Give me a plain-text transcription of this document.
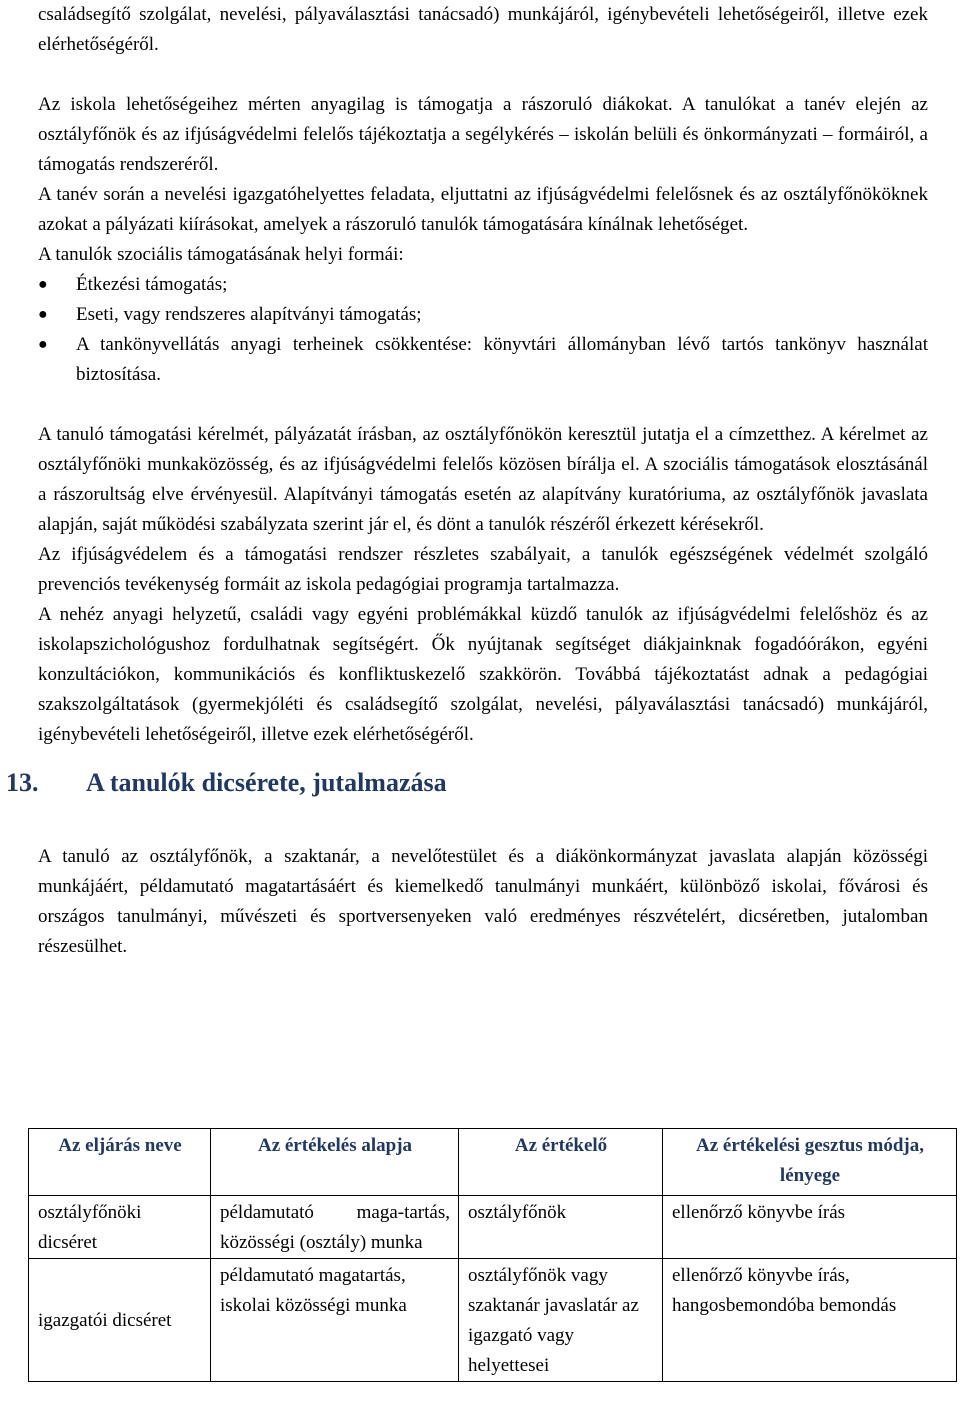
családsegítő szolgálat, nevelési, pályaválasztási tanácsadó) munkájáról, igénybevételi lehetőségeiről, illetve ezek elérhetőségéről.

Az iskola lehetőségeihez mérten anyagilag is támogatja a rászoruló diákokat. A tanulókat a tanév elején az osztályfőnök és az ifjúságvédelmi felelős tájékoztatja a segélykérés – iskolán belüli és önkormányzati – formáiról, a támogatás rendszeréről.

A tanév során a nevelési igazgatóhelyettes feladata, eljuttatni az ifjúságvédelmi felelősnek és az osztályfőnököknek azokat a pályázati kiírásokat, amelyek a rászoruló tanulók támogatására kínálnak lehetőséget.

A tanulók szociális támogatásának helyi formái:

● Étkezési támogatás;
● Eseti, vagy rendszeres alapítványi támogatás;
● A tankönyvellátás anyagi terheinek csökkentése: könyvtári állományban lévő tartós tankönyv használat biztosítása.

A tanuló támogatási kérelmét, pályázatát írásban, az osztályfőnökön keresztül jutatja el a címzetthez. A kérelmet az osztályfőnöki munkaközösség, és az ifjúságvédelmi felelős közösen bírálja el. A szociális támogatások elosztásánál a rászorultság elve érvényesül. Alapítványi támogatás esetén az alapítvány kuratóriuma, az osztályfőnök javaslata alapján, saját működési szabályzata szerint jár el, és dönt a tanulók részéről érkezett kérésekről.

Az ifjúságvédelem és a támogatási rendszer részletes szabályait, a tanulók egészségének védelmét szolgáló prevenciós tevékenység formáit az iskola pedagógiai programja tartalmazza.

A nehéz anyagi helyzetű, családi vagy egyéni problémákkal küzdő tanulók az ifjúságvédelmi felelőshöz és az iskolapszichológushoz fordulhatnak segítségért. Ők nyújtanak segítséget diákjainknak fogadóórákon, egyéni konzultációkon, kommunikációs és konfliktuskezelő szakkörön. Továbbá tájékoztatást adnak a pedagógiai szakszolgáltatások (gyermekjóléti és családsegítő szolgálat, nevelési, pályaválasztási tanácsadó) munkájáról, igénybevételi lehetőségeiről, illetve ezek elérhetőségéről.

13.	A tanulók dicsérete, jutalmazása

A tanuló az osztályfőnök, a szaktanár, a nevelőtestület és a diákönkormányzat javaslata alapján közösségi munkájáért, példamutató magatartásáért és kiemelkedő tanulmányi munkáért, különböző iskolai, fővárosi és országos tanulmányi, művészeti és sportversenyeken való eredményes részvételért, dicséretben, jutalomban részesülhet.

Az eljárás neve	Az értékelés alapja	Az értékelő	Az értékelési gesztus módja, lényege
osztályfőnöki dicséret	példamutató maga-tartás, közösségi (osztály) munka	osztályfőnök	ellenőrző könyvbe írás
igazgatói dicséret	példamutató magatartás, iskolai közösségi munka	osztályfőnök vagy szaktanár javaslatár az igazgató vagy helyettesei	ellenőrző könyvbe írás, hangosbemondóba bemondás
